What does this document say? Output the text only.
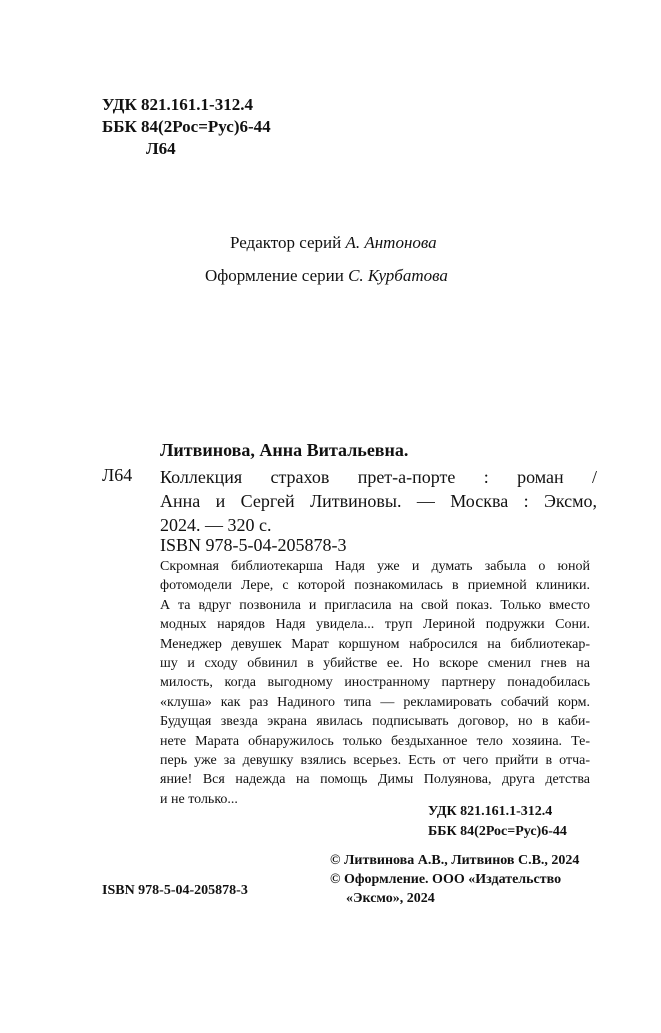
УДК 821.161.1-312.4
ББК 84(2Рос=Рус)6-44
Л64
Редактор серий А. Антонова
Оформление серии С. Курбатова
Литвинова, Анна Витальевна.
Л64 Коллекция страхов прет-а-порте : роман /
Анна и Сергей Литвиновы. — Москва : Эксмо,
2024. — 320 с.
ISBN 978-5-04-205878-3
Скромная библиотекарша Надя уже и думать забыла о юной
фотомодели Лере, с которой познакомилась в приемной клиники.
А та вдруг позвонила и пригласила на свой показ. Только вместо
модных нарядов Надя увидела... труп Лериной подружки Сони.
Менеджер девушек Марат коршуном набросился на библиотекар-
шу и сходу обвинил в убийстве ее. Но вскоре сменил гнев на
милость, когда выгодному иностранному партнеру понадобилась
«клуша» как раз Надиного типа — рекламировать собачий корм.
Будущая звезда экрана явилась подписывать договор, но в каби-
нете Марата обнаружилось только бездыханное тело хозяина. Те-
перь уже за девушку взялись всерьез. Есть от чего прийти в отча-
яние! Вся надежда на помощь Димы Полуянова, друга детства
и не только...
УДК 821.161.1-312.4
ББК 84(2Рос=Рус)6-44
© Литвинова А.В., Литвинов С.В., 2024
© Оформление. ООО «Издательство
«Эксмо», 2024
ISBN 978-5-04-205878-3
